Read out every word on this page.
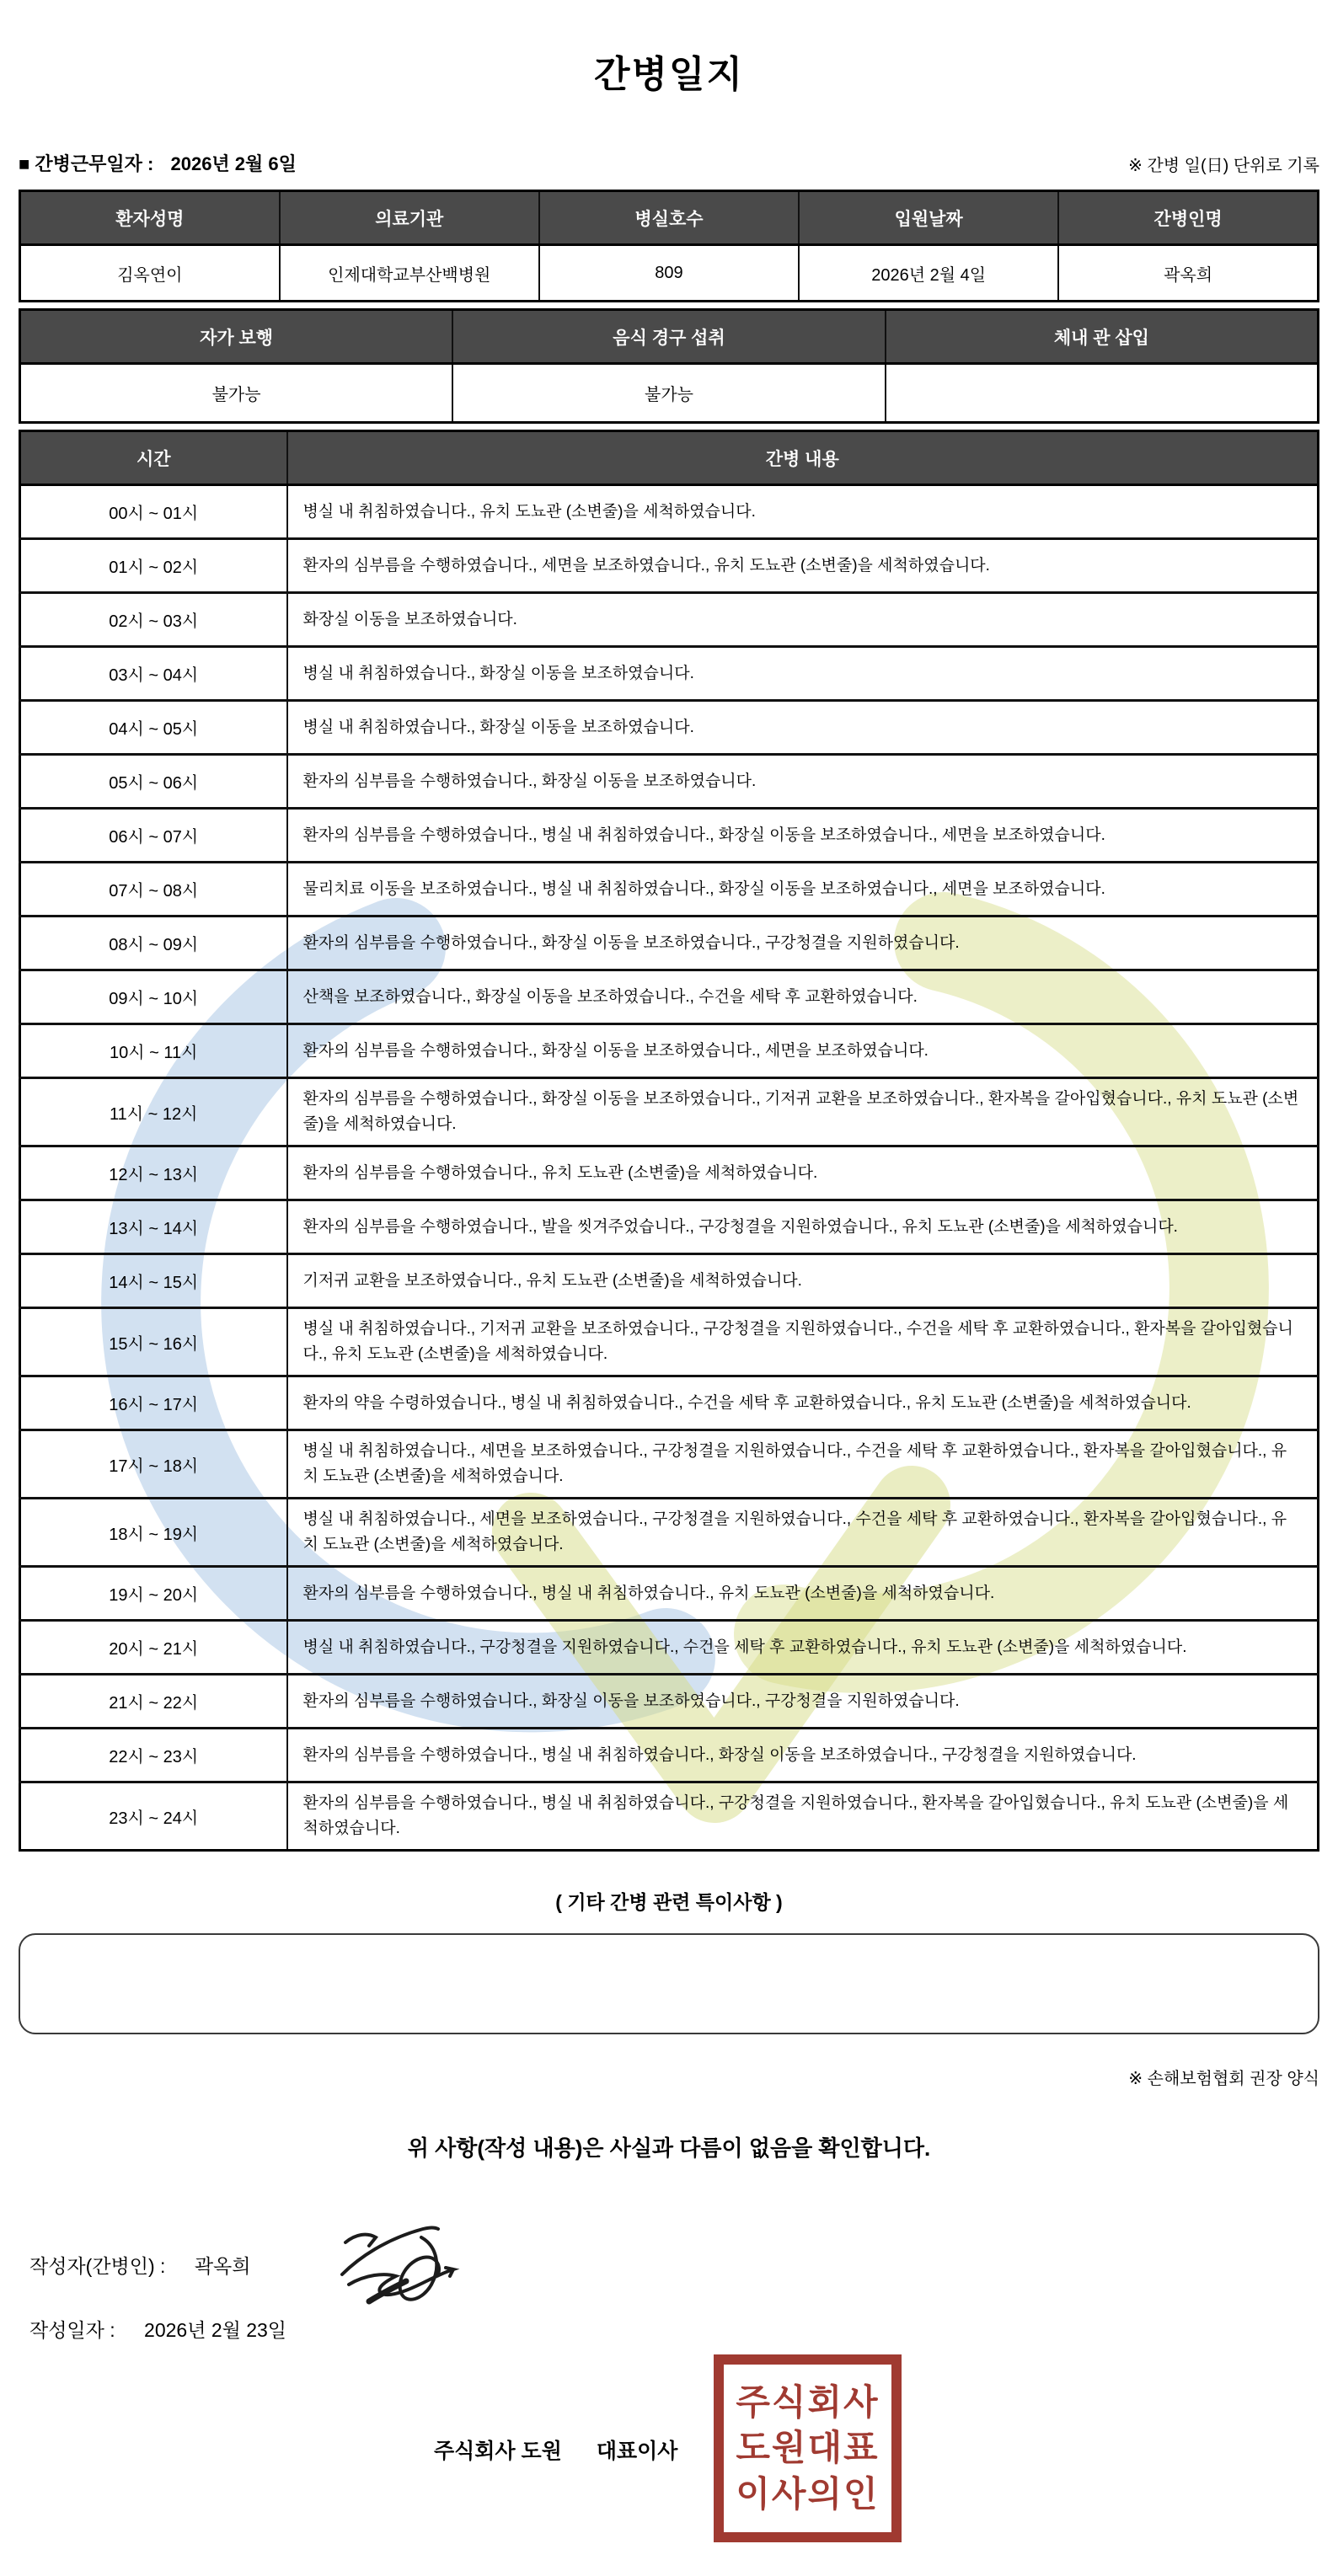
간병일지
■ 간병근무일자 : 2026년 2월 6일	※ 간병 일(日) 단위로 기록
환자성명	의료기관	병실호수	입원날짜	간병인명
김옥연이	인제대학교부산백병원	809	2026년 2월 4일	곽옥희
자가 보행	음식 경구 섭취	체내 관 삽입
불가능	불가능	
시간	간병 내용
00시 ~ 01시	병실 내 취침하였습니다., 유치 도뇨관 (소변줄)을 세척하였습니다.
01시 ~ 02시	환자의 심부름을 수행하였습니다., 세면을 보조하였습니다., 유치 도뇨관 (소변줄)을 세척하였습니다.
02시 ~ 03시	화장실 이동을 보조하였습니다.
03시 ~ 04시	병실 내 취침하였습니다., 화장실 이동을 보조하였습니다.
04시 ~ 05시	병실 내 취침하였습니다., 화장실 이동을 보조하였습니다.
05시 ~ 06시	환자의 심부름을 수행하였습니다., 화장실 이동을 보조하였습니다.
06시 ~ 07시	환자의 심부름을 수행하였습니다., 병실 내 취침하였습니다., 화장실 이동을 보조하였습니다., 세면을 보조하였습니다.
07시 ~ 08시	물리치료 이동을 보조하였습니다., 병실 내 취침하였습니다., 화장실 이동을 보조하였습니다., 세면을 보조하였습니다.
08시 ~ 09시	환자의 심부름을 수행하였습니다., 화장실 이동을 보조하였습니다., 구강청결을 지원하였습니다.
09시 ~ 10시	산책을 보조하였습니다., 화장실 이동을 보조하였습니다., 수건을 세탁 후 교환하였습니다.
10시 ~ 11시	환자의 심부름을 수행하였습니다., 화장실 이동을 보조하였습니다., 세면을 보조하였습니다.
11시 ~ 12시	환자의 심부름을 수행하였습니다., 화장실 이동을 보조하였습니다., 기저귀 교환을 보조하였습니다., 환자복을 갈아입혔습니다., 유치 도뇨관 (소변줄)을 세척하였습니다.
12시 ~ 13시	환자의 심부름을 수행하였습니다., 유치 도뇨관 (소변줄)을 세척하였습니다.
13시 ~ 14시	환자의 심부름을 수행하였습니다., 발을 씻겨주었습니다., 구강청결을 지원하였습니다., 유치 도뇨관 (소변줄)을 세척하였습니다.
14시 ~ 15시	기저귀 교환을 보조하였습니다., 유치 도뇨관 (소변줄)을 세척하였습니다.
15시 ~ 16시	병실 내 취침하였습니다., 기저귀 교환을 보조하였습니다., 구강청결을 지원하였습니다., 수건을 세탁 후 교환하였습니다., 환자복을 갈아입혔습니다., 유치 도뇨관 (소변줄)을 세척하였습니다.
16시 ~ 17시	환자의 약을 수령하였습니다., 병실 내 취침하였습니다., 수건을 세탁 후 교환하였습니다., 유치 도뇨관 (소변줄)을 세척하였습니다.
17시 ~ 18시	병실 내 취침하였습니다., 세면을 보조하였습니다., 구강청결을 지원하였습니다., 수건을 세탁 후 교환하였습니다., 환자복을 갈아입혔습니다., 유치 도뇨관 (소변줄)을 세척하였습니다.
18시 ~ 19시	병실 내 취침하였습니다., 세면을 보조하였습니다., 구강청결을 지원하였습니다., 수건을 세탁 후 교환하였습니다., 환자복을 갈아입혔습니다., 유치 도뇨관 (소변줄)을 세척하였습니다.
19시 ~ 20시	환자의 심부름을 수행하였습니다., 병실 내 취침하였습니다., 유치 도뇨관 (소변줄)을 세척하였습니다.
20시 ~ 21시	병실 내 취침하였습니다., 구강청결을 지원하였습니다., 수건을 세탁 후 교환하였습니다., 유치 도뇨관 (소변줄)을 세척하였습니다.
21시 ~ 22시	환자의 심부름을 수행하였습니다., 화장실 이동을 보조하였습니다., 구강청결을 지원하였습니다.
22시 ~ 23시	환자의 심부름을 수행하였습니다., 병실 내 취침하였습니다., 화장실 이동을 보조하였습니다., 구강청결을 지원하였습니다.
23시 ~ 24시	환자의 심부름을 수행하였습니다., 병실 내 취침하였습니다., 구강청결을 지원하였습니다., 환자복을 갈아입혔습니다., 유치 도뇨관 (소변줄)을 세척하였습니다.
( 기타 간병 관련 특이사항 )
※ 손해보험협회 권장 양식
위 사항(작성 내용)은 사실과 다름이 없음을 확인합니다.
작성자(간병인) : 곽옥희
작성일자 : 2026년 2월 23일
주식회사 도원 대표이사
주식회사
도원대표
이사의인
